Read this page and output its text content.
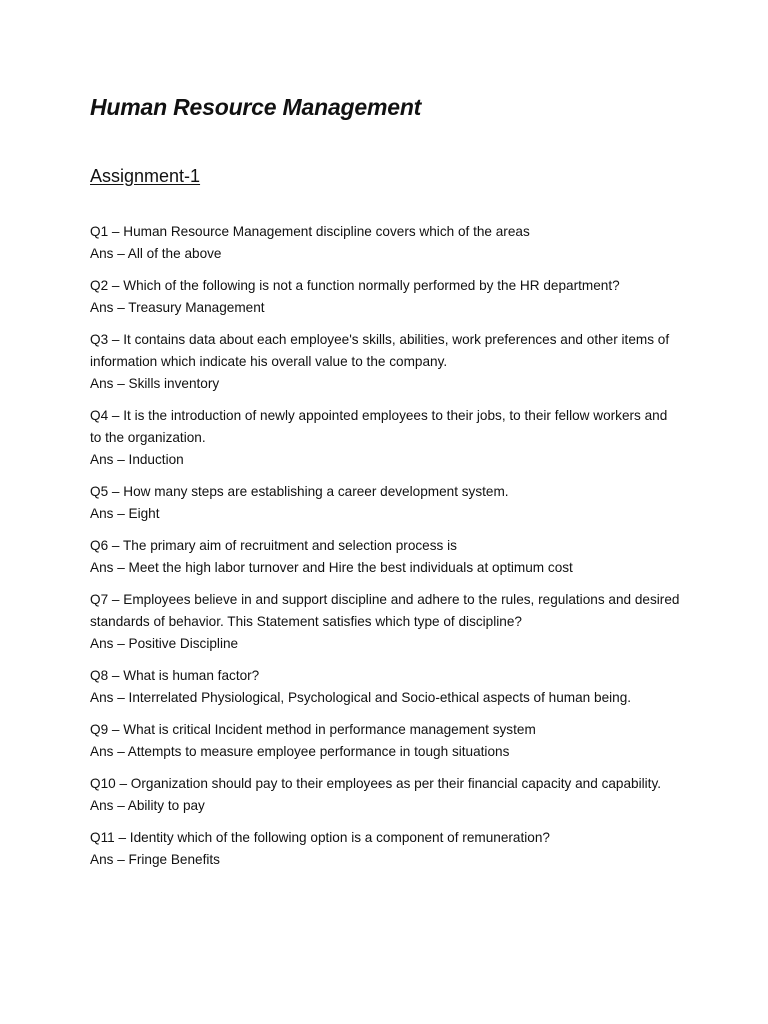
Human Resource Management
Assignment-1

Q1 – Human Resource Management discipline covers which of the areas

Ans – All of the above

Q2 – Which of the following is not a function normally performed by the HR department?

Ans – Treasury Management

Q3 – It contains data about each employee's skills, abilities, work preferences and other items of information which indicate his overall value to the company.

Ans – Skills inventory

Q4 – It is the introduction of newly appointed employees to their jobs, to their fellow workers and to the organization.

Ans – Induction

Q5 – How many steps are establishing a career development system.

Ans – Eight

Q6 – The primary aim of recruitment and selection process is

Ans – Meet the high labor turnover and Hire the best individuals at optimum cost

Q7 – Employees believe in and support discipline and adhere to the rules, regulations and desired standards of behavior. This Statement satisfies which type of discipline?

Ans – Positive Discipline

Q8 – What is human factor?

Ans – Interrelated Physiological, Psychological and Socio-ethical aspects of human being.

Q9 – What is critical Incident method in performance management system

Ans – Attempts to measure employee performance in tough situations

Q10 – Organization should pay to their employees as per their financial capacity and capability.

Ans – Ability to pay

Q11 – Identity which of the following option is a component of remuneration?

Ans – Fringe Benefits
